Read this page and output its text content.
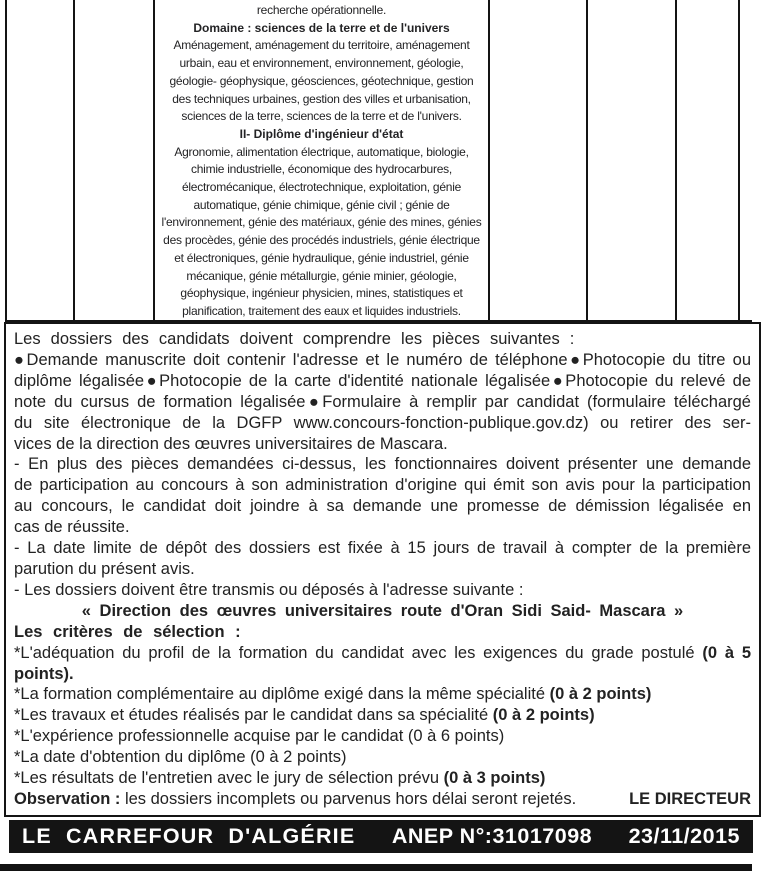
recherche opérationnelle.
Domaine : sciences de la terre et de l'univers
Aménagement, aménagement du territoire, aménagement
urbain, eau et environnement, environnement, géologie,
géologie- géophysique, géosciences, géotechnique, gestion
des techniques urbaines, gestion des villes et urbanisation,
sciences de la terre, sciences de la terre et de l'univers.
II- Diplôme d'ingénieur d'état
Agronomie, alimentation électrique, automatique, biologie,
chimie industrielle, économique des hydrocarbures,
électromécanique, électrotechnique, exploitation, génie
automatique, génie chimique, génie civil ; génie de
l'environnement, génie des matériaux, génie des mines, génies
des procèdes, génie des procédés industriels, génie électrique
et électroniques, génie hydraulique, génie industriel, génie
mécanique, génie métallurgie, génie minier, géologie,
géophysique, ingénieur physicien, mines, statistiques et
planification, traitement des eaux et liquides industriels.
Les dossiers des candidats doivent comprendre les pièces suivantes :
●Demande manuscrite doit contenir l'adresse et le numéro de téléphone●Photocopie du titre ou
diplôme légalisée●Photocopie de la carte d'identité nationale légalisée●Photocopie du relevé de
note du cursus de formation légalisée●Formulaire à remplir par candidat (formulaire téléchargé
du site électronique de la DGFP www.concours-fonction-publique.gov.dz) ou retirer des ser-
vices de la direction des œuvres universitaires de Mascara.
- En plus des pièces demandées ci-dessus, les fonctionnaires doivent présenter une demande
de participation au concours à son administration d'origine qui émit son avis pour la participation
au concours, le candidat doit joindre à sa demande une promesse de démission légalisée en
cas de réussite.
- La date limite de dépôt des dossiers est fixée à 15 jours de travail à compter de la première
parution du présent avis.
- Les dossiers doivent être transmis ou déposés à l'adresse suivante :
« Direction des œuvres universitaires route d'Oran Sidi Said- Mascara »
Les critères de sélection :
*L'adéquation du profil de la formation du candidat avec les exigences du grade postulé (0 à 5
points).
*La formation complémentaire au diplôme exigé dans la même spécialité (0 à 2 points)
*Les travaux et études réalisés par le candidat dans sa spécialité (0 à 2 points)
*L'expérience professionnelle acquise par le candidat (0 à 6 points)
*La date d'obtention du diplôme (0 à 2 points)
*Les résultats de l'entretien avec le jury de sélection prévu (0 à 3 points)
Observation : les dossiers incomplets ou parvenus hors délai seront rejetés.	LE DIRECTEUR
LE CARREFOUR D'ALGÉRIE ANEP N°:31017098 23/11/2015
